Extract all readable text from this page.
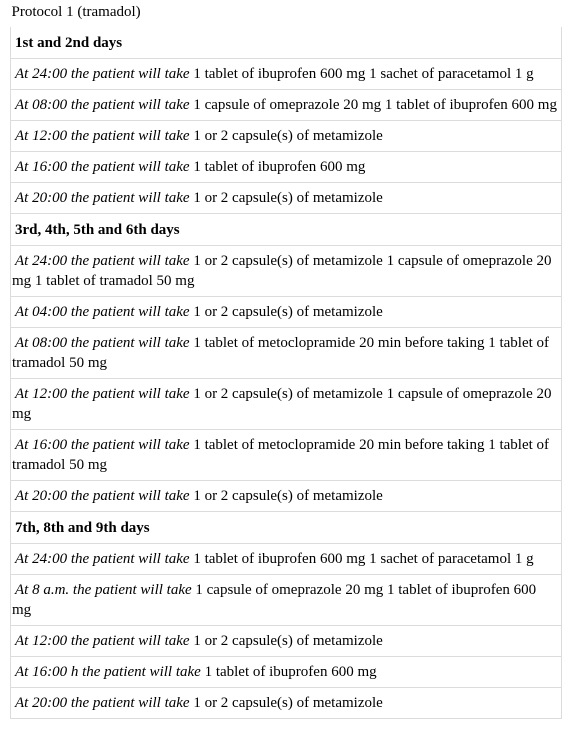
Protocol 1 (tramadol)
1st and 2nd days
At 24:00 the patient will take 1 tablet of ibuprofen 600 mg 1 sachet of paracetamol 1 g
At 08:00 the patient will take 1 capsule of omeprazole 20 mg 1 tablet of ibuprofen 600 mg
At 12:00 the patient will take 1 or 2 capsule(s) of metamizole
At 16:00 the patient will take 1 tablet of ibuprofen 600 mg
At 20:00 the patient will take 1 or 2 capsule(s) of metamizole
3rd, 4th, 5th and 6th days
At 24:00 the patient will take 1 or 2 capsule(s) of metamizole 1 capsule of omeprazole 20 mg 1 tablet of tramadol 50 mg
At 04:00 the patient will take 1 or 2 capsule(s) of metamizole
At 08:00 the patient will take 1 tablet of metoclopramide 20 min before taking 1 tablet of tramadol 50 mg
At 12:00 the patient will take 1 or 2 capsule(s) of metamizole 1 capsule of omeprazole 20 mg
At 16:00 the patient will take 1 tablet of metoclopramide 20 min before taking 1 tablet of tramadol 50 mg
At 20:00 the patient will take 1 or 2 capsule(s) of metamizole
7th, 8th and 9th days
At 24:00 the patient will take 1 tablet of ibuprofen 600 mg 1 sachet of paracetamol 1 g
At 8 a.m. the patient will take 1 capsule of omeprazole 20 mg 1 tablet of ibuprofen 600 mg
At 12:00 the patient will take 1 or 2 capsule(s) of metamizole
At 16:00 h the patient will take 1 tablet of ibuprofen 600 mg
At 20:00 the patient will take 1 or 2 capsule(s) of metamizole
